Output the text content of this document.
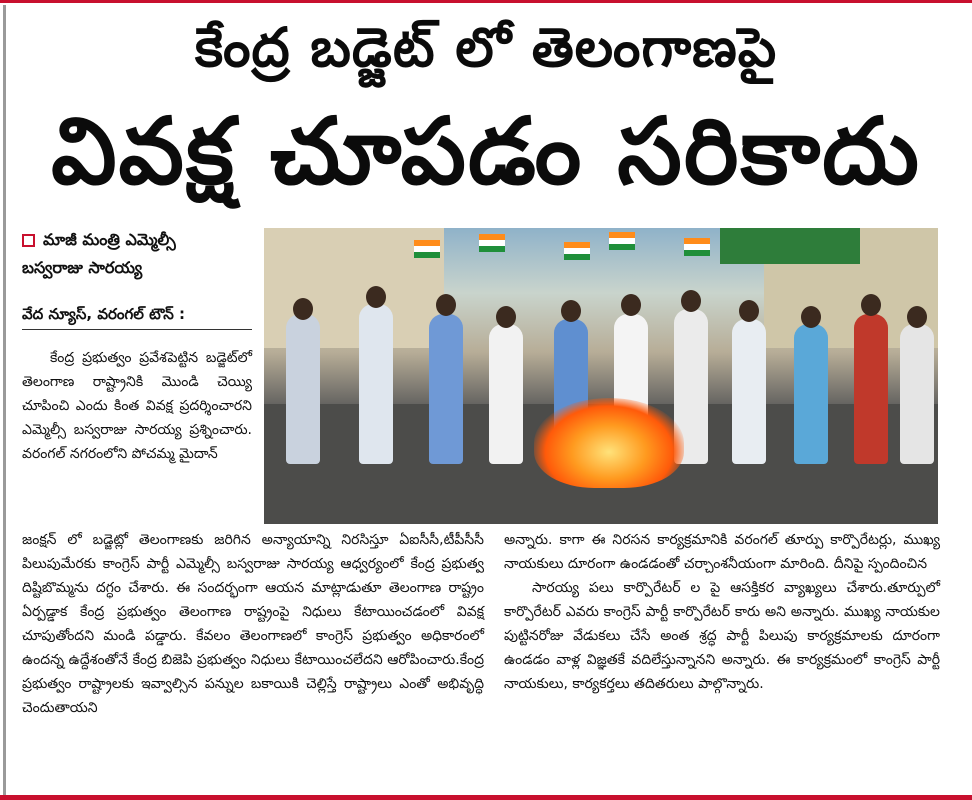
కేంద్ర బడ్జెట్ లో తెలంగాణపై
వివక్ష చూపడం సరికాదు
మాజీ మంత్రి ఎమ్మెల్సీ
బస్వరాజు సారయ్య
వేద న్యూస్, వరంగల్ టౌన్ :

కేంద్ర ప్రభుత్వం ప్రవేశపెట్టిన బడ్జెట్‌లో తెలంగాణ రాష్ట్రానికి మొండి చెయ్యి చూపించి ఎందు కింత వివక్ష ప్రదర్శించారని ఎమ్మెల్సీ బస్వరాజు సారయ్య ప్రశ్నించారు. వరంగల్ నగరంలోని పోచమ్మ మైదాన్

జంక్షన్ లో బడ్జెట్లో తెలంగాణకు జరిగిన అన్యాయాన్ని నిరసిస్తూ ఏఐసీసీ,టీపీసీసీ పిలుపుమేరకు కాంగ్రెస్ పార్టీ ఎమ్మెల్సీ బస్వరాజు సారయ్య ఆధ్వర్యంలో కేంద్ర ప్రభుత్వ దిష్టిబొమ్మను దగ్ధం చేశారు. ఈ సందర్భంగా ఆయన మాట్లాడుతూ తెలంగాణ రాష్ట్రం ఏర్పడ్డాక కేంద్ర ప్రభుత్వం తెలంగాణ రాష్ట్రంపై నిధులు కేటాయించడంలో వివక్ష చూపుతోందని మండి పడ్డారు. కేవలం తెలంగాణలో కాంగ్రెస్ ప్రభుత్వం అధికారంలో ఉందన్న ఉద్దేశంతోనే కేంద్ర బిజెపి ప్రభుత్వం నిధులు కేటాయించలేదని ఆరోపించారు.కేంద్ర ప్రభుత్వం రాష్ట్రాలకు ఇవ్వాల్సిన పన్నుల బకాయికి చెల్లిస్తే రాష్ట్రాలు ఎంతో అభివృద్ధి చెందుతాయని

అన్నారు. కాగా ఈ నిరసన కార్యక్రమానికి వరంగల్ తూర్పు కార్పొరేటర్లు, ముఖ్య నాయకులు దూరంగా ఉండడంతో చర్చాంశనీయంగా మారింది. దీనిపై స్పందించిన

సారయ్య పలు కార్పొరేటర్ ల పై ఆసక్తికర వ్యాఖ్యలు చేశారు.తూర్పులో కార్పొరేటర్ ఎవరు కాంగ్రెస్ పార్టీ కార్పొరేటర్ కారు అని అన్నారు. ముఖ్య నాయకుల పుట్టినరోజు వేడుకలు చేసే అంత శ్రద్ధ పార్టీ పిలుపు కార్యక్రమాలకు దూరంగా ఉండడం వాళ్ల విజ్ఞతకే వదిలేస్తున్నానని అన్నారు. ఈ కార్యక్రమంలో కాంగ్రెస్ పార్టీ నాయకులు, కార్యకర్తలు తదితరులు పాల్గొన్నారు.
